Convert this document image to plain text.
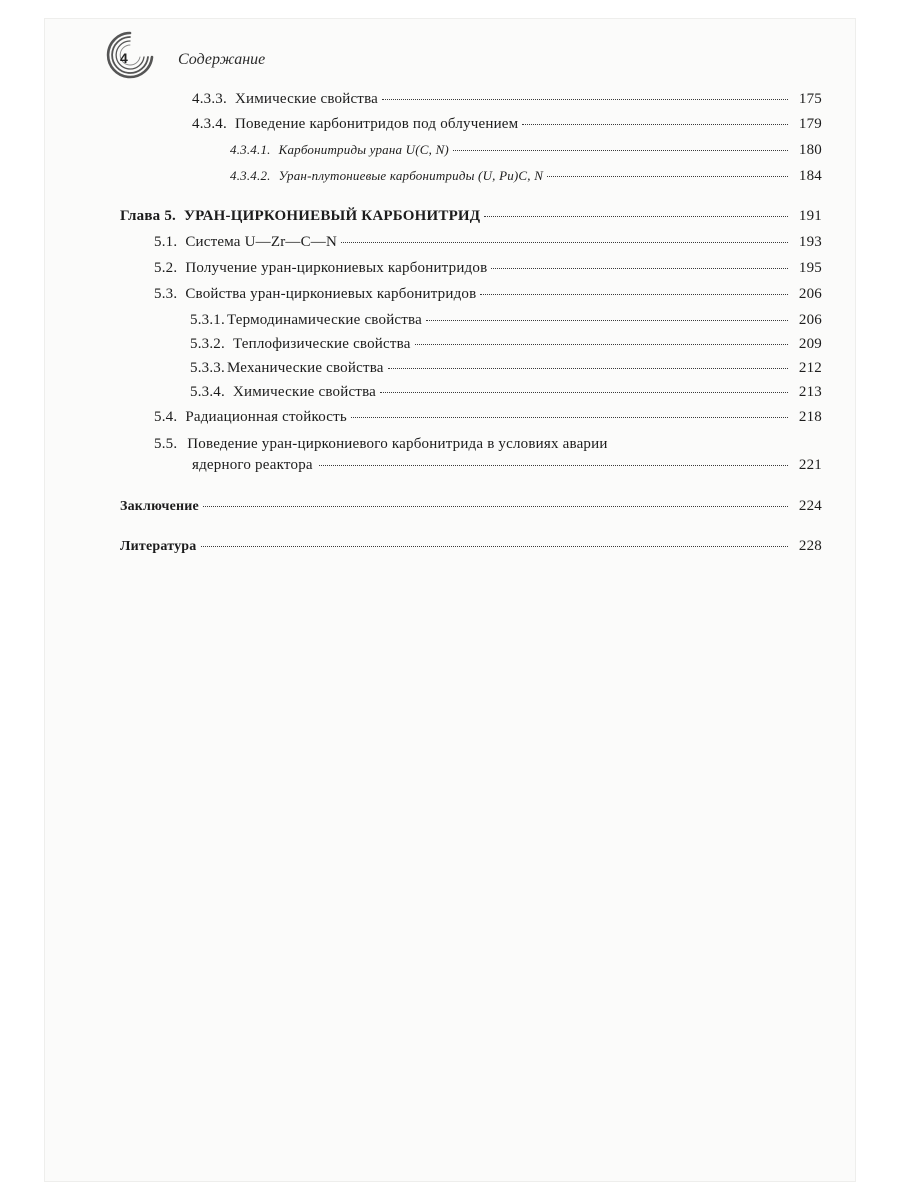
4	Содержание
4.3.3. Химические свойства	175
4.3.4. Поведение карбонитридов под облучением	179
4.3.4.1. Карбонитриды урана U(C, N)	180
4.3.4.2. Уран-плутониевые карбонитриды (U, Pu)C, N	184
Глава 5. УРАН-ЦИРКОНИЕВЫЙ КАРБОНИТРИД	191
5.1. Система U—Zr—C—N	193
5.2. Получение уран-циркониевых карбонитридов	195
5.3. Свойства уран-циркониевых карбонитридов	206
5.3.1. Термодинамические свойства	206
5.3.2. Теплофизические свойства	209
5.3.3. Механические свойства	212
5.3.4. Химические свойства	213
5.4. Радиационная стойкость	218
5.5. Поведение уран-циркониевого карбонитрида в условиях аварии
ядерного реактора	221
Заключение	224
Литература	228
